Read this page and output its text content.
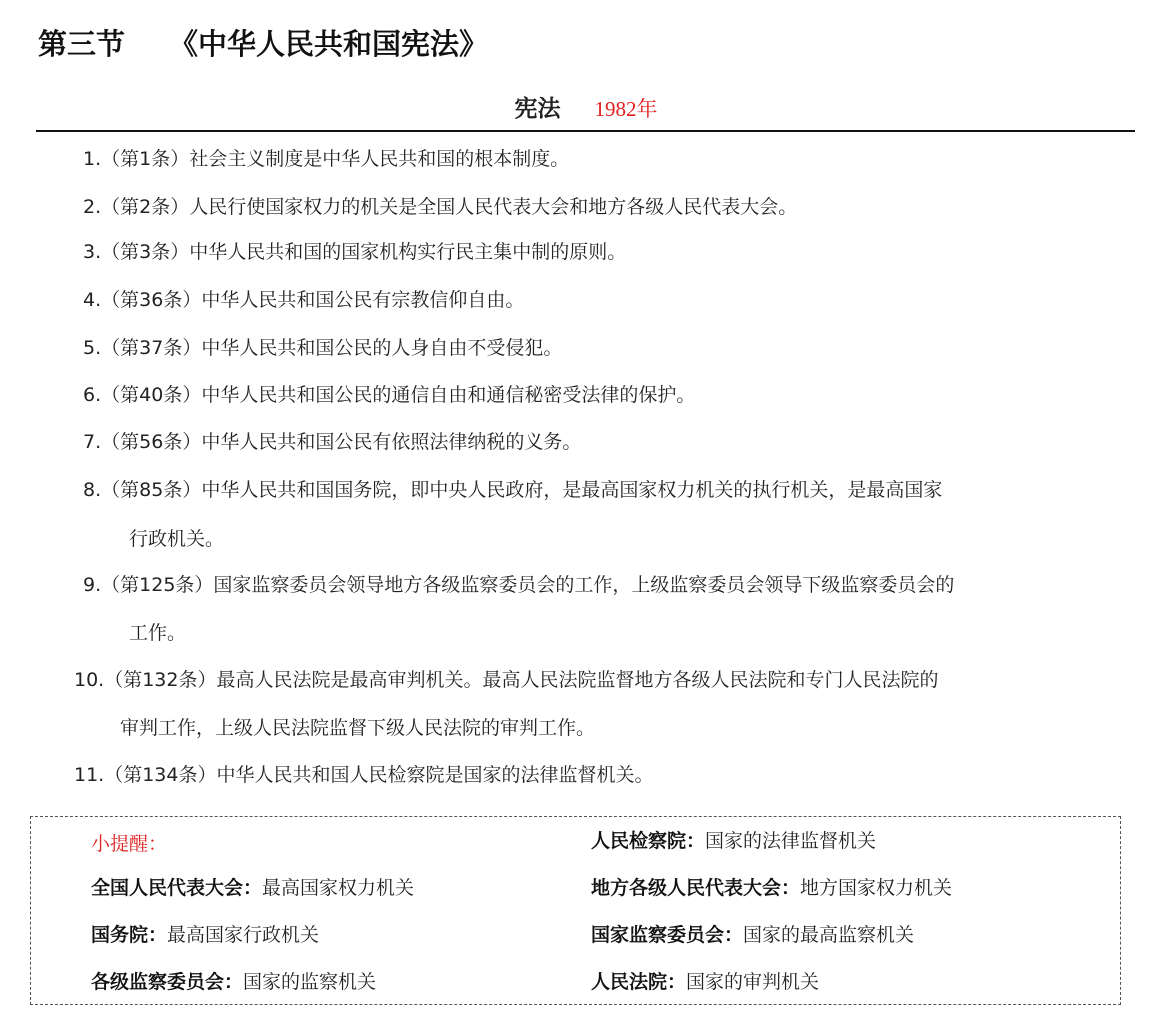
第三节 《中华人民共和国宪法》
宪法 1982年
1.（第1条）社会主义制度是中华人民共和国的根本制度。
2.（第2条）人民行使国家权力的机关是全国人民代表大会和地方各级人民代表大会。
3.（第3条）中华人民共和国的国家机构实行民主集中制的原则。
4.（第36条）中华人民共和国公民有宗教信仰自由。
5.（第37条）中华人民共和国公民的人身自由不受侵犯。
6.（第40条）中华人民共和国公民的通信自由和通信秘密受法律的保护。
7.（第56条）中华人民共和国公民有依照法律纳税的义务。
8.（第85条）中华人民共和国国务院，即中央人民政府，是最高国家权力机关的执行机关，是最高国家
行政机关。
9.（第125条）国家监察委员会领导地方各级监察委员会的工作，上级监察委员会领导下级监察委员会的
工作。
10.（第132条）最高人民法院是最高审判机关。最高人民法院监督地方各级人民法院和专门人民法院的
审判工作，上级人民法院监督下级人民法院的审判工作。
11.（第134条）中华人民共和国人民检察院是国家的法律监督机关。
小提醒：	人民检察院：国家的法律监督机关
全国人民代表大会：最高国家权力机关	地方各级人民代表大会：地方国家权力机关
国务院：最高国家行政机关	国家监察委员会：国家的最高监察机关
各级监察委员会：国家的监察机关	人民法院：国家的审判机关
